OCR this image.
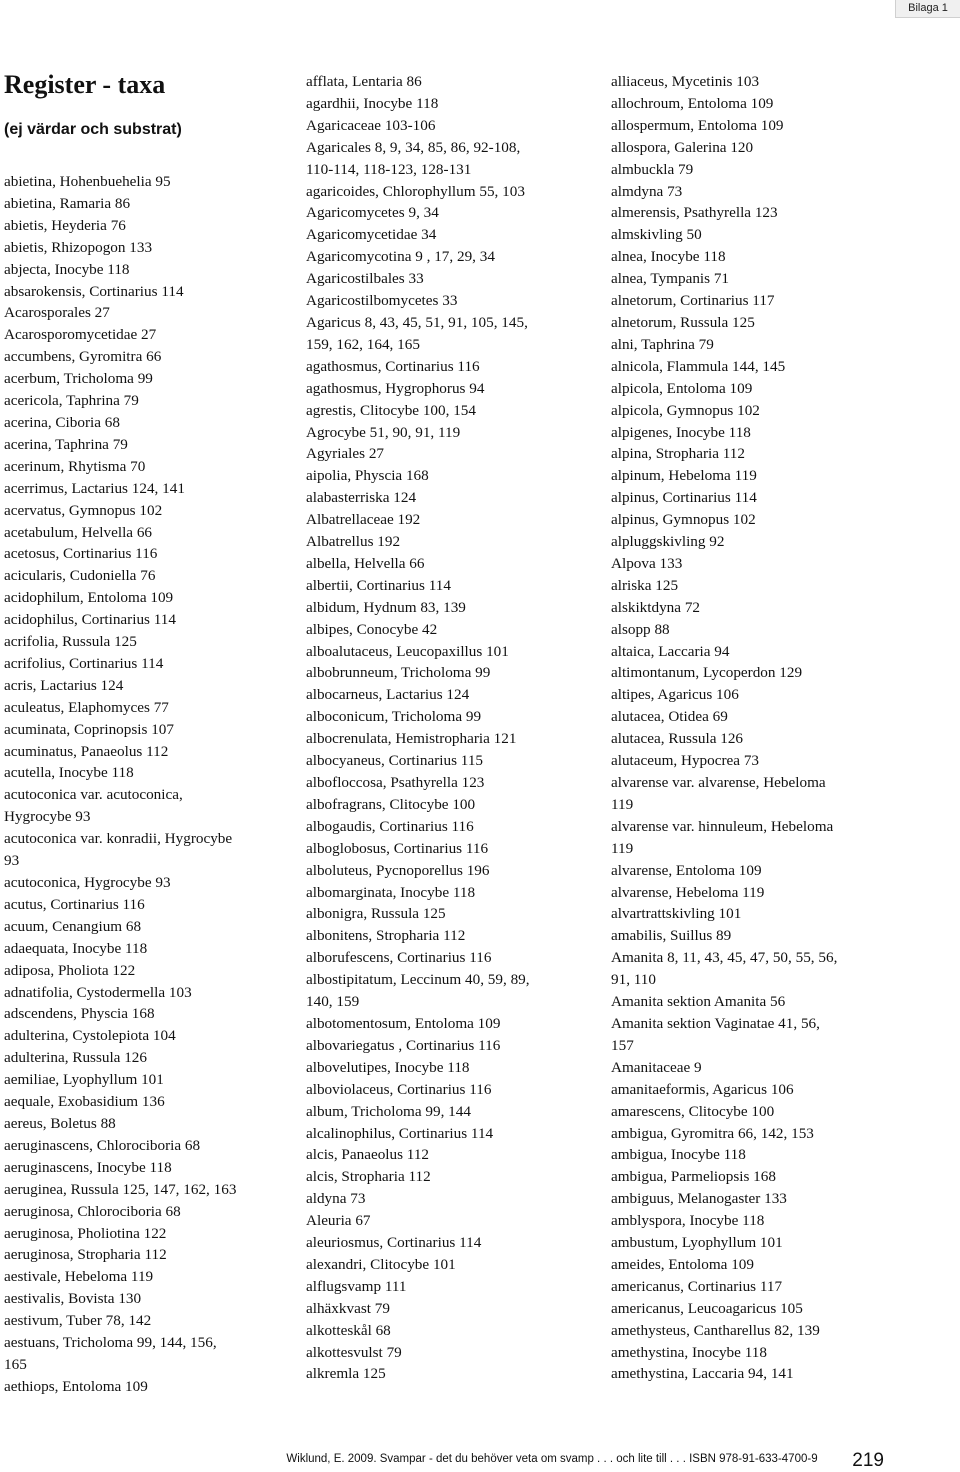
Bilaga 1
Register - taxa
(ej värdar och substrat)
abietina, Hohenbuehelia 95
abietina, Ramaria 86
abietis, Heyderia 76
abietis, Rhizopogon 133
abjecta, Inocybe 118
absarokensis, Cortinarius 114
Acarosporales 27
Acarosporomycetidae 27
accumbens, Gyromitra 66
acerbum, Tricholoma 99
acericola, Taphrina 79
acerina, Ciboria 68
acerina, Taphrina 79
acerinum, Rhytisma 70
acerrimus, Lactarius 124, 141
acervatus, Gymnopus 102
acetabulum, Helvella 66
acetosus, Cortinarius 116
acicularis, Cudoniella 76
acidophilum, Entoloma 109
acidophilus, Cortinarius 114
acrifolia, Russula 125
acrifolius, Cortinarius 114
acris, Lactarius 124
aculeatus, Elaphomyces 77
acuminata, Coprinopsis 107
acuminatus, Panaeolus 112
acutella, Inocybe 118
acutoconica var. acutoconica,
Hygrocybe 93
acutoconica var. konradii, Hygrocybe
93
acutoconica, Hygrocybe 93
acutus, Cortinarius 116
acuum, Cenangium 68
adaequata, Inocybe 118
adiposa, Pholiota 122
adnatifolia, Cystodermella 103
adscendens, Physcia 168
adulterina, Cystolepiota 104
adulterina, Russula 126
aemiliae, Lyophyllum 101
aequale, Exobasidium 136
aereus, Boletus 88
aeruginascens, Chlorociboria 68
aeruginascens, Inocybe 118
aeruginea, Russula 125, 147, 162, 163
aeruginosa, Chlorociboria 68
aeruginosa, Pholiotina 122
aeruginosa, Stropharia 112
aestivale, Hebeloma 119
aestivalis, Bovista 130
aestivum, Tuber 78, 142
aestuans, Tricholoma 99, 144, 156,
165
aethiops, Entoloma 109
afflata, Lentaria 86
agardhii, Inocybe 118
Agaricaceae 103-106
Agaricales 8, 9, 34, 85, 86, 92-108,
110-114, 118-123, 128-131
agaricoides, Chlorophyllum 55, 103
Agaricomycetes 9, 34
Agaricomycetidae 34
Agaricomycotina 9 , 17, 29, 34
Agaricostilbales 33
Agaricostilbomycetes 33
Agaricus 8, 43, 45, 51, 91, 105, 145,
159, 162, 164, 165
agathosmus, Cortinarius 116
agathosmus, Hygrophorus 94
agrestis, Clitocybe 100, 154
Agrocybe 51, 90, 91, 119
Agyriales 27
aipolia, Physcia 168
alabasterriska 124
Albatrellaceae 192
Albatrellus 192
albella, Helvella 66
albertii, Cortinarius 114
albidum, Hydnum 83, 139
albipes, Conocybe 42
alboalutaceus, Leucopaxillus 101
albobrunneum, Tricholoma 99
albocarneus, Lactarius 124
alboconicum, Tricholoma 99
albocrenulata, Hemistropharia 121
albocyaneus, Cortinarius 115
albofloccosa, Psathyrella 123
albofragrans, Clitocybe 100
albogaudis, Cortinarius 116
alboglobosus, Cortinarius 116
alboluteus, Pycnoporellus 196
albomarginata, Inocybe 118
albonigra, Russula 125
albonitens, Stropharia 112
alborufescens, Cortinarius 116
albostipitatum, Leccinum 40, 59, 89,
140, 159
albotomentosum, Entoloma 109
albovariegatus , Cortinarius 116
albovelutipes, Inocybe 118
alboviolaceus, Cortinarius 116
album, Tricholoma 99, 144
alcalinophilus, Cortinarius 114
alcis, Panaeolus 112
alcis, Stropharia 112
aldyna 73
Aleuria 67
aleuriosmus, Cortinarius 114
alexandri, Clitocybe 101
alflugsvamp 111
alhäxkvast 79
alkotteskål 68
alkottesvulst 79
alkremla 125
alliaceus, Mycetinis 103
allochroum, Entoloma 109
allospermum, Entoloma 109
allospora, Galerina 120
almbuckla 79
almdyna 73
almerensis, Psathyrella 123
almskivling 50
alnea, Inocybe 118
alnea, Tympanis 71
alnetorum, Cortinarius 117
alnetorum, Russula 125
alni, Taphrina 79
alnicola, Flammula 144, 145
alpicola, Entoloma 109
alpicola, Gymnopus 102
alpigenes, Inocybe 118
alpina, Stropharia 112
alpinum, Hebeloma 119
alpinus, Cortinarius 114
alpinus, Gymnopus 102
alpluggskivling 92
Alpova 133
alriska 125
alskiktdyna 72
alsopp 88
altaica, Laccaria 94
altimontanum, Lycoperdon 129
altipes, Agaricus 106
alutacea, Otidea 69
alutacea, Russula 126
alutaceum, Hypocrea 73
alvarense var. alvarense, Hebeloma
119
alvarense var. hinnuleum, Hebeloma
119
alvarense, Entoloma 109
alvarense, Hebeloma 119
alvartrattskivling 101
amabilis, Suillus 89
Amanita 8, 11, 43, 45, 47, 50, 55, 56,
91, 110
Amanita sektion Amanita 56
Amanita sektion Vaginatae 41, 56,
157
Amanitaceae 9
amanitaeformis, Agaricus 106
amarescens, Clitocybe 100
ambigua, Gyromitra 66, 142, 153
ambigua, Inocybe 118
ambigua, Parmeliopsis 168
ambiguus, Melanogaster 133
amblyspora, Inocybe 118
ambustum, Lyophyllum 101
ameides, Entoloma 109
americanus, Cortinarius 117
americanus, Leucoagaricus 105
amethysteus, Cantharellus 82, 139
amethystina, Inocybe 118
amethystina, Laccaria 94, 141
Wiklund, E. 2009. Svampar - det du behöver veta om svamp . . . och lite till . . . ISBN 978-91-633-4700-9 219
